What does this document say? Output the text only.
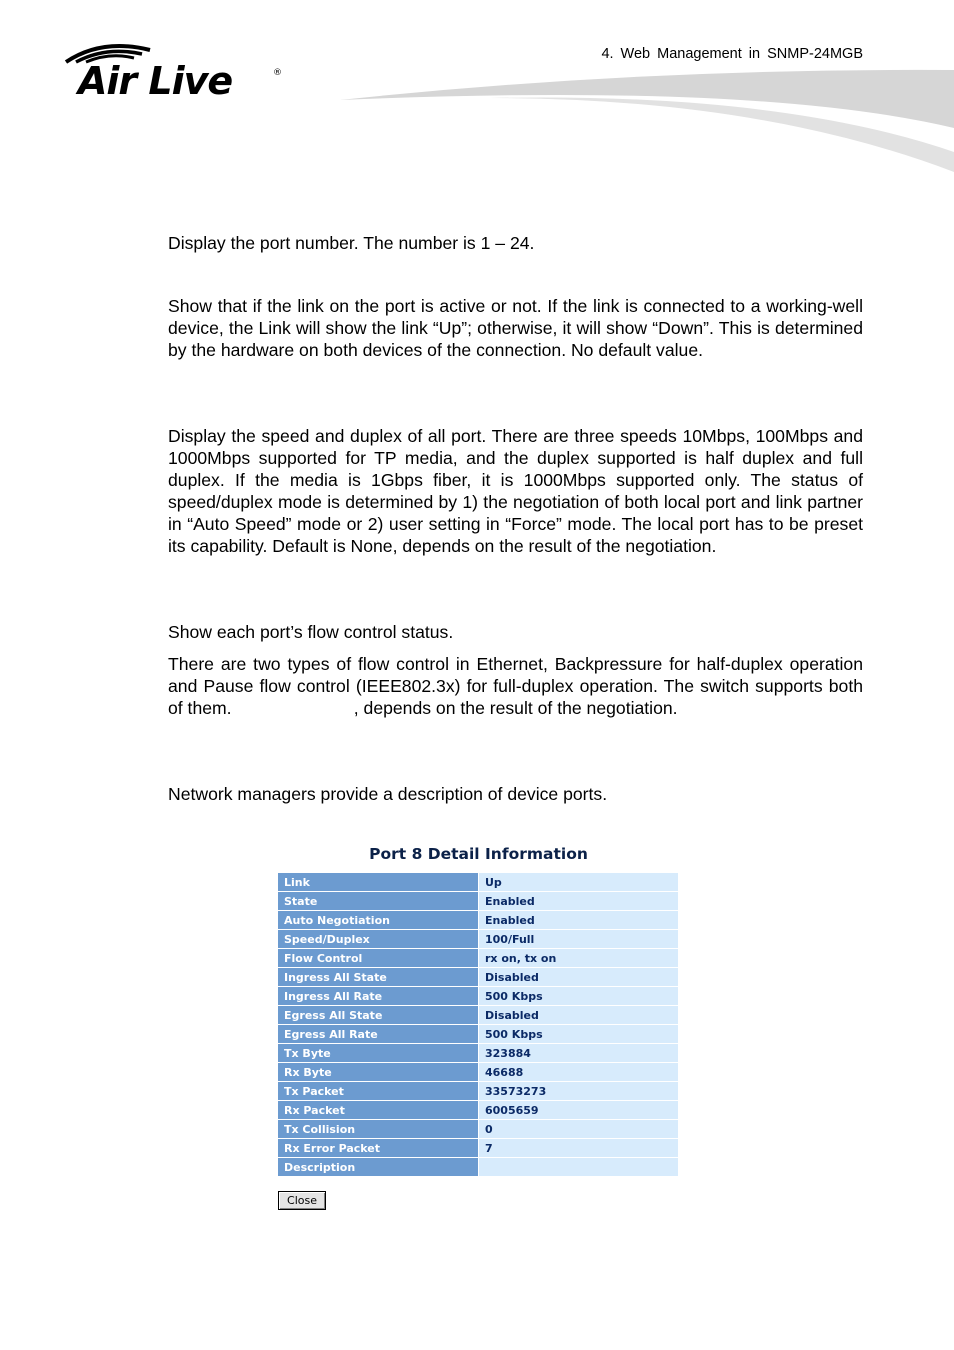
Air Live	®
4. Web Management in SNMP-24MGB

Display the port number. The number is 1 – 24.

Show that if the link on the port is active or not. If the link is connected to a working-well device, the Link will show the link “Up”; otherwise, it will show “Down”. This is determined by the hardware on both devices of the connection. No default value.

Display the speed and duplex of all port. There are three speeds 10Mbps, 100Mbps and 1000Mbps supported for TP media, and the duplex supported is half duplex and full duplex. If the media is 1Gbps fiber, it is 1000Mbps supported only. The status of speed/duplex mode is determined by 1) the negotiation of both local port and link partner in “Auto Speed” mode or 2) user setting in “Force” mode. The local port has to be preset its capability. Default is None, depends on the result of the negotiation.

Show each port’s flow control status.

There are two types of flow control in Ethernet, Backpressure for half-duplex operation and Pause flow control (IEEE802.3x) for full-duplex operation. The switch supports both of them.                         , depends on the result of the negotiation.

Network managers provide a description of device ports.

Port 8 Detail Information
Link	Up
State	Enabled
Auto Negotiation	Enabled
Speed/Duplex	100/Full
Flow Control	rx on, tx on
Ingress All State	Disabled
Ingress All Rate	500 Kbps
Egress All State	Disabled
Egress All Rate	500 Kbps
Tx Byte	323884
Rx Byte	46688
Tx Packet	33573273
Rx Packet	6005659
Tx Collision	0
Rx Error Packet	7
Description	
Close
